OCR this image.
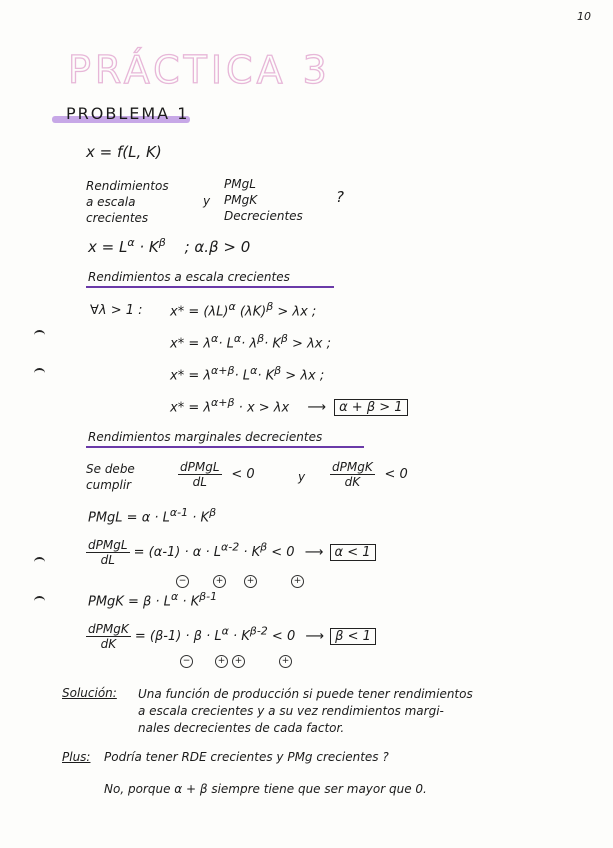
10
PRÁCTICA 3
PROBLEMA 1
x = f(L, K)
Rendimientos
a escala
crecientes
y
PMgL
PMgK
Decrecientes
?
$x = L^\alpha \cdot K^\beta$ ; α.β > 0
Rendimientos a escala crecientes
∀λ > 1 : $x* = (\lambda L)^\alpha$ $(\lambda K)^\beta > \lambda x$ ;
$x* = \lambda^\alpha\cdot L^\alpha\cdot \lambda^\beta\cdot K^\beta > \lambda x$ ;
$x* = \lambda^{\alpha+\beta}\cdot L^\alpha\cdot K^\beta > \lambda x$ ;
$x* = \lambda^{\alpha+\beta} \cdot x > \lambda x$ ⟶ α + β > 1
Rendimientos marginales decrecientes
Se debe
cumplir	$\frac{\text{dPMgL}}{dL} < 0$	y $\frac{\text{dPMgK}}{dK} < 0$
PMgL = $\alpha \cdot L^{\alpha-1} \cdot K^\beta$
$\frac{\text{dPMgL}}{dL} = (\alpha-1) \cdot \alpha \cdot L^{\alpha-2} \cdot K^\beta < 0$ ⟶ α < 1
−	+	+	+
PMgK = $\beta \cdot L^\alpha \cdot K^{\beta-1}$
$\frac{\text{dPMgK}}{dK} = (\beta-1) \cdot \beta \cdot L^\alpha \cdot K^{\beta-2} < 0$ ⟶ β < 1
−	+ +	+
Solución: Una función de producción si puede tener rendimientos
a escala crecientes y a su vez rendimientos margi-
nales decrecientes de cada factor.
Plus: Podría tener RDE crecientes y PMg crecientes ?
No, porque α + β siempre tiene que ser mayor que 0.
